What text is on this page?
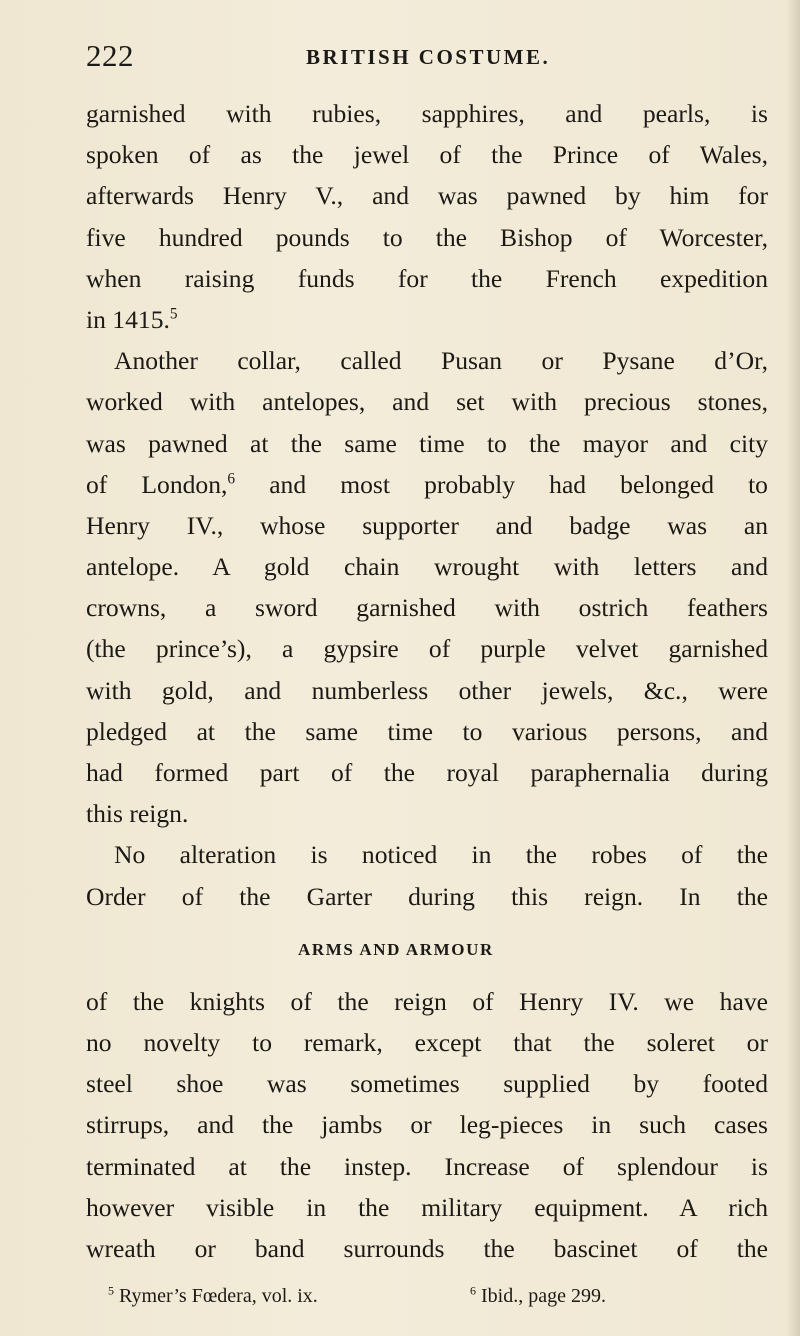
222	BRITISH COSTUME.
garnished with rubies, sapphires, and pearls, is
spoken of as the jewel of the Prince of Wales,
afterwards Henry V., and was pawned by him for
five hundred pounds to the Bishop of Worcester,
when raising funds for the French expedition
in 1415.$^5$
Another collar, called Pusan or Pysane d’Or,
worked with antelopes, and set with precious stones,
was pawned at the same time to the mayor and city
of London,$^6$ and most probably had belonged to
Henry IV., whose supporter and badge was an
antelope. A gold chain wrought with letters and
crowns, a sword garnished with ostrich feathers
(the prince’s), a gypsire of purple velvet garnished
with gold, and numberless other jewels, &c., were
pledged at the same time to various persons, and
had formed part of the royal paraphernalia during
this reign.
No alteration is noticed in the robes of the
Order of the Garter during this reign. In the
ARMS AND ARMOUR
of the knights of the reign of Henry IV. we have
no novelty to remark, except that the soleret or
steel shoe was sometimes supplied by footed
stirrups, and the jambs or leg-pieces in such cases
terminated at the instep. Increase of splendour is
however visible in the military equipment. A rich
wreath or band surrounds the bascinet of the
$^5$ Rymer’s Fœdera, vol. ix.	$^6$ Ibid., page 299.
